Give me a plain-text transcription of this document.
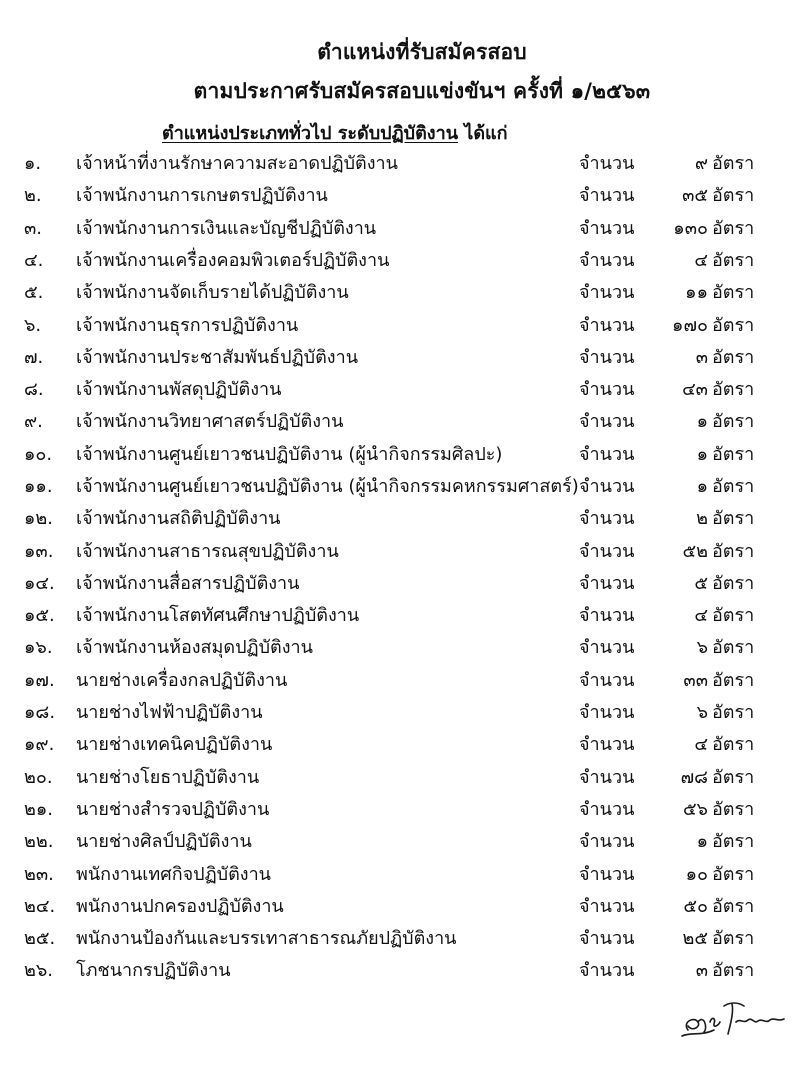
ตำแหน่งที่รับสมัครสอบ
ตามประกาศรับสมัครสอบแข่งขันฯ ครั้งที่ ๑/๒๕๖๓
ตำแหน่งประเภททั่วไป ระดับปฏิบัติงาน ได้แก่
๑.	เจ้าหน้าที่งานรักษาความสะอาดปฏิบัติงาน	จำนวน	๙ อัตรา
๒.	เจ้าพนักงานการเกษตรปฏิบัติงาน	จำนวน	๓๕ อัตรา
๓.	เจ้าพนักงานการเงินและบัญชีปฏิบัติงาน	จำนวน	๑๓๐ อัตรา
๔.	เจ้าพนักงานเครื่องคอมพิวเตอร์ปฏิบัติงาน	จำนวน	๔ อัตรา
๕.	เจ้าพนักงานจัดเก็บรายได้ปฏิบัติงาน	จำนวน	๑๑ อัตรา
๖.	เจ้าพนักงานธุรการปฏิบัติงาน	จำนวน	๑๗๐ อัตรา
๗.	เจ้าพนักงานประชาสัมพันธ์ปฏิบัติงาน	จำนวน	๓ อัตรา
๘.	เจ้าพนักงานพัสดุปฏิบัติงาน	จำนวน	๔๓ อัตรา
๙.	เจ้าพนักงานวิทยาศาสตร์ปฏิบัติงาน	จำนวน	๑ อัตรา
๑๐.	เจ้าพนักงานศูนย์เยาวชนปฏิบัติงาน (ผู้นำกิจกรรมศิลปะ)	จำนวน	๑ อัตรา
๑๑.	เจ้าพนักงานศูนย์เยาวชนปฏิบัติงาน (ผู้นำกิจกรรมคหกรรมศาสตร์) จำนวน	๑ อัตรา
๑๒.	เจ้าพนักงานสถิติปฏิบัติงาน	จำนวน	๒ อัตรา
๑๓.	เจ้าพนักงานสาธารณสุขปฏิบัติงาน	จำนวน	๕๒ อัตรา
๑๔.	เจ้าพนักงานสื่อสารปฏิบัติงาน	จำนวน	๕ อัตรา
๑๕.	เจ้าพนักงานโสตทัศนศึกษาปฏิบัติงาน	จำนวน	๔ อัตรา
๑๖.	เจ้าพนักงานห้องสมุดปฏิบัติงาน	จำนวน	๖ อัตรา
๑๗.	นายช่างเครื่องกลปฏิบัติงาน	จำนวน	๓๓ อัตรา
๑๘.	นายช่างไฟฟ้าปฏิบัติงาน	จำนวน	๖ อัตรา
๑๙.	นายช่างเทคนิคปฏิบัติงาน	จำนวน	๔ อัตรา
๒๐.	นายช่างโยธาปฏิบัติงาน	จำนวน	๗๘ อัตรา
๒๑.	นายช่างสำรวจปฏิบัติงาน	จำนวน	๕๖ อัตรา
๒๒.	นายช่างศิลป์ปฏิบัติงาน	จำนวน	๑ อัตรา
๒๓.	พนักงานเทศกิจปฏิบัติงาน	จำนวน	๑๐ อัตรา
๒๔.	พนักงานปกครองปฏิบัติงาน	จำนวน	๕๐ อัตรา
๒๕.	พนักงานป้องกันและบรรเทาสาธารณภัยปฏิบัติงาน	จำนวน	๒๕ อัตรา
๒๖.	โภชนากรปฏิบัติงาน	จำนวน	๓ อัตรา
